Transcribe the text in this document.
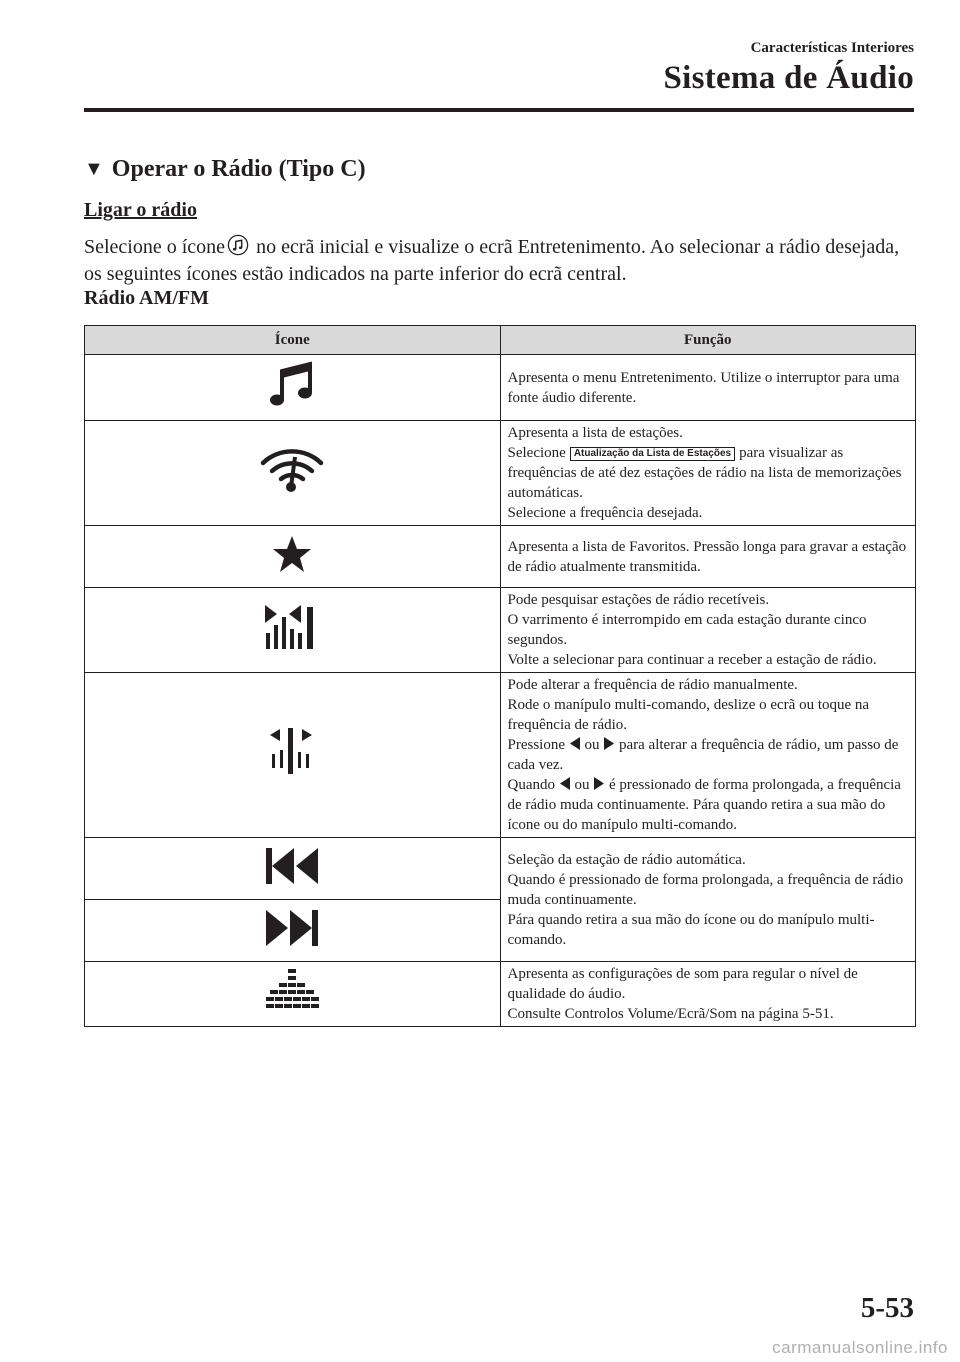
Características Interiores
Sistema de Áudio
▼ Operar o Rádio (Tipo C)
Ligar o rádio
Selecione o ícone no ecrã inicial e visualize o ecrã Entretenimento. Ao selecionar a rádio desejada, os seguintes ícones estão indicados na parte inferior do ecrã central.
Rádio AM/FM
Ícone	Função

Apresenta o menu Entretenimento. Utilize o interruptor para uma fonte áudio diferente.

Apresenta a lista de estações.
Selecione Atualização da Lista de Estações para visualizar as frequências de até dez estações de rádio na lista de memorizações automáticas.
Selecione a frequência desejada.

Apresenta a lista de Favoritos. Pressão longa para gravar a estação de rádio atualmente transmitida.

Pode pesquisar estações de rádio recetíveis.
O varrimento é interrompido em cada estação durante cinco segundos.
Volte a selecionar para continuar a receber a estação de rádio.

Pode alterar a frequência de rádio manualmente.
Rode o manípulo multi-comando, deslize o ecrã ou toque na frequência de rádio.
Pressione ou para alterar a frequência de rádio, um passo de cada vez.
Quando ou é pressionado de forma prolongada, a frequência de rádio muda continuamente. Pára quando retira a sua mão do ícone ou do manípulo multi-comando.

Seleção da estação de rádio automática.
Quando é pressionado de forma prolongada, a frequência de rádio muda continuamente.
Pára quando retira a sua mão do ícone ou do manípulo multi-comando.

Apresenta as configurações de som para regular o nível de qualidade do áudio.
Consulte Controlos Volume/Ecrã/Som na página 5-51.
5-53
carmanualsonline.info
